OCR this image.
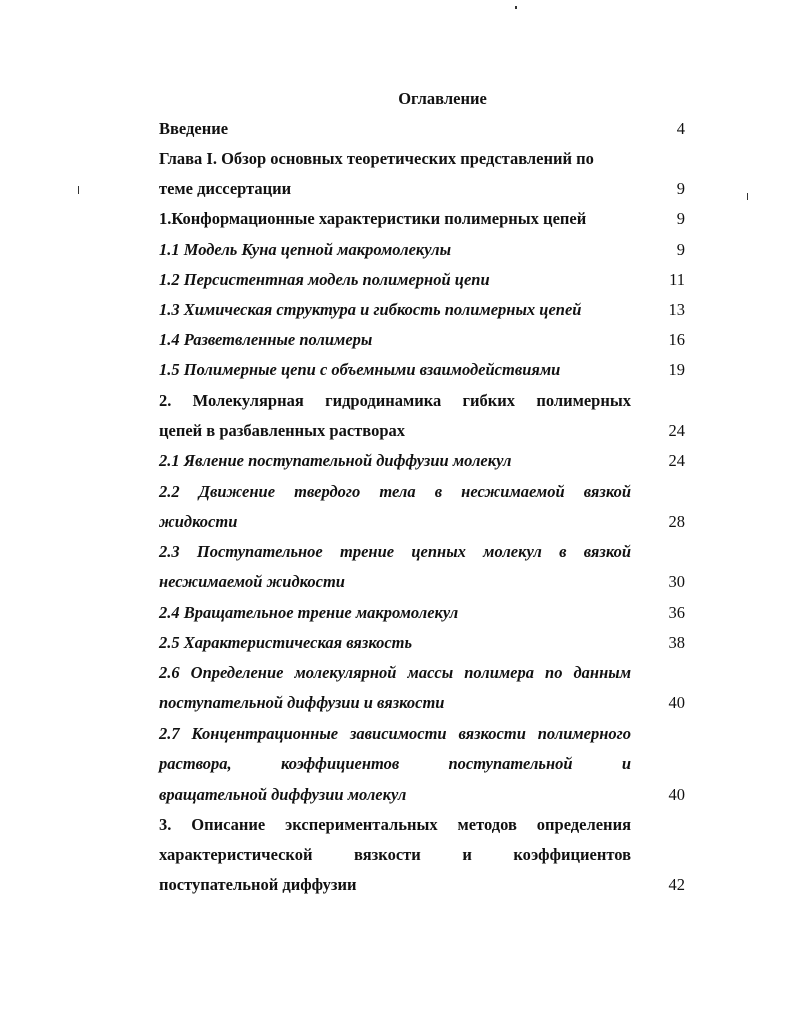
Оглавление
Введение	4
Глава I. Обзор основных теоретических представлений по
теме диссертации	9
1.Конформационные характеристики полимерных цепей	9
1.1 Модель Куна цепной макромолекулы	9
1.2 Персистентная модель полимерной цепи	11
1.3 Химическая структура и гибкость полимерных цепей	13
1.4 Разветвленные полимеры	16
1.5 Полимерные цепи с объемными взаимодействиями	19
2. Молекулярная гидродинамика гибких полимерных
цепей в разбавленных растворах	24
2.1 Явление поступательной диффузии молекул	24
2.2 Движение твердого тела в несжимаемой вязкой
жидкости	28
2.3 Поступательное трение цепных молекул в вязкой
несжимаемой жидкости	30
2.4 Вращательное трение макромолекул	36
2.5 Характеристическая вязкость	38
2.6 Определение молекулярной массы полимера по данным
поступательной диффузии и вязкости	40
2.7 Концентрационные зависимости вязкости полимерного
раствора, коэффициентов поступательной и
вращательной диффузии молекул	40
3. Описание экспериментальных методов определения
характеристической вязкости и коэффициентов
поступательной диффузии	42
